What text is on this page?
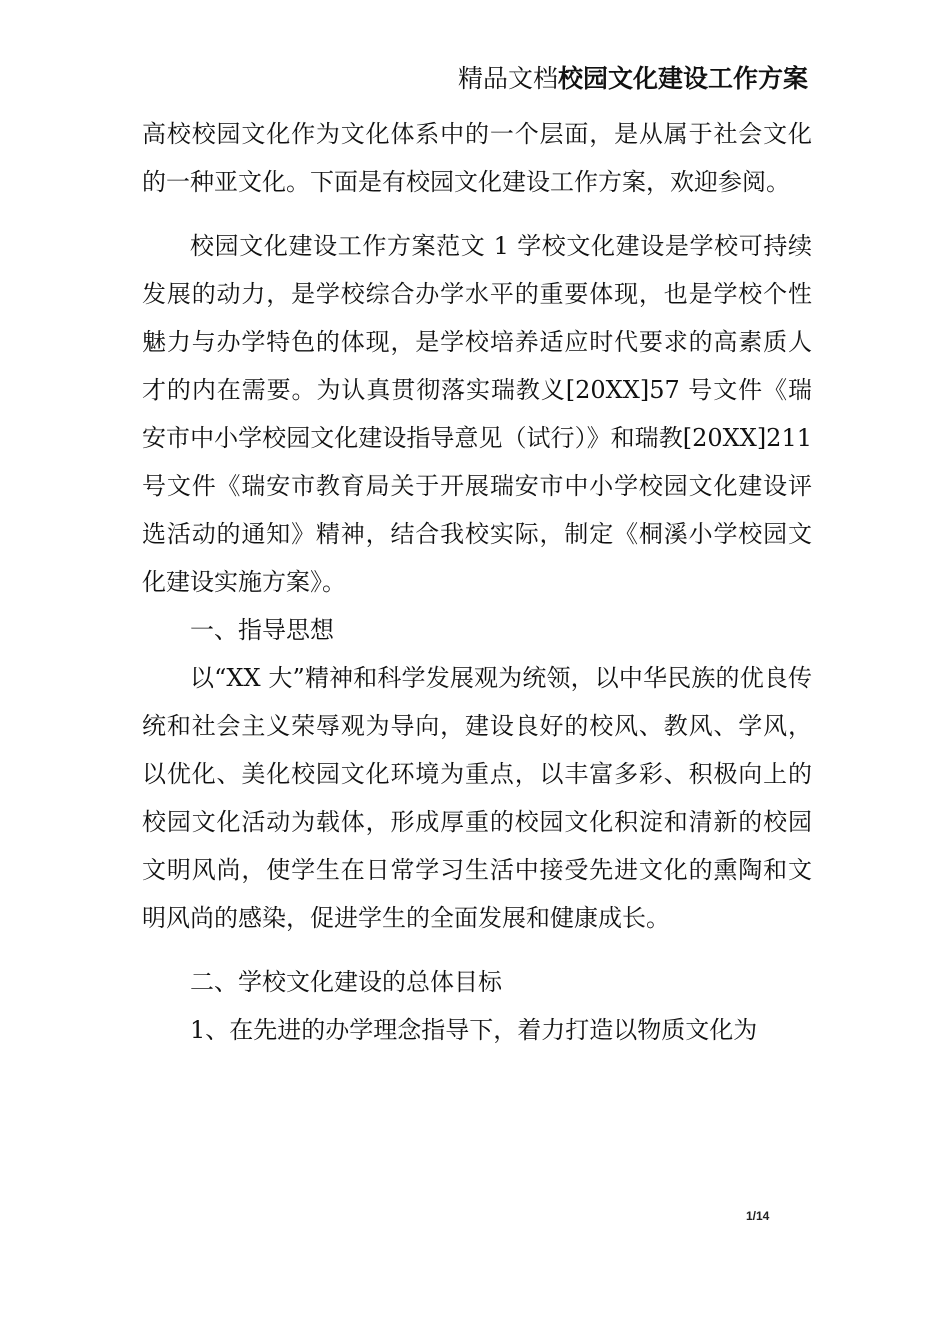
精品文档校园文化建设工作方案

高校校园文化作为文化体系中的一个层面，是从属于社会文化的一种亚文化。下面是有校园文化建设工作方案，欢迎参阅。

校园文化建设工作方案范文 1 学校文化建设是学校可持续发展的动力，是学校综合办学水平的重要体现，也是学校个性魅力与办学特色的体现，是学校培养适应时代要求的高素质人才的内在需要。为认真贯彻落实瑞教义[20XX]57 号文件《瑞安市中小学校园文化建设指导意见（试行）》和瑞教[20XX]211 号文件《瑞安市教育局关于开展瑞安市中小学校园文化建设评选活动的通知》精神，结合我校实际，制定《桐溪小学校园文化建设实施方案》。

一、指导思想

以“XX 大”精神和科学发展观为统领，以中华民族的优良传统和社会主义荣辱观为导向，建设良好的校风、教风、学风，以优化、美化校园文化环境为重点，以丰富多彩、积极向上的校园文化活动为载体，形成厚重的校园文化积淀和清新的校园文明风尚，使学生在日常学习生活中接受先进文化的熏陶和文明风尚的感染，促进学生的全面发展和健康成长。

二、学校文化建设的总体目标

1、在先进的办学理念指导下，着力打造以物质文化为

1/14
